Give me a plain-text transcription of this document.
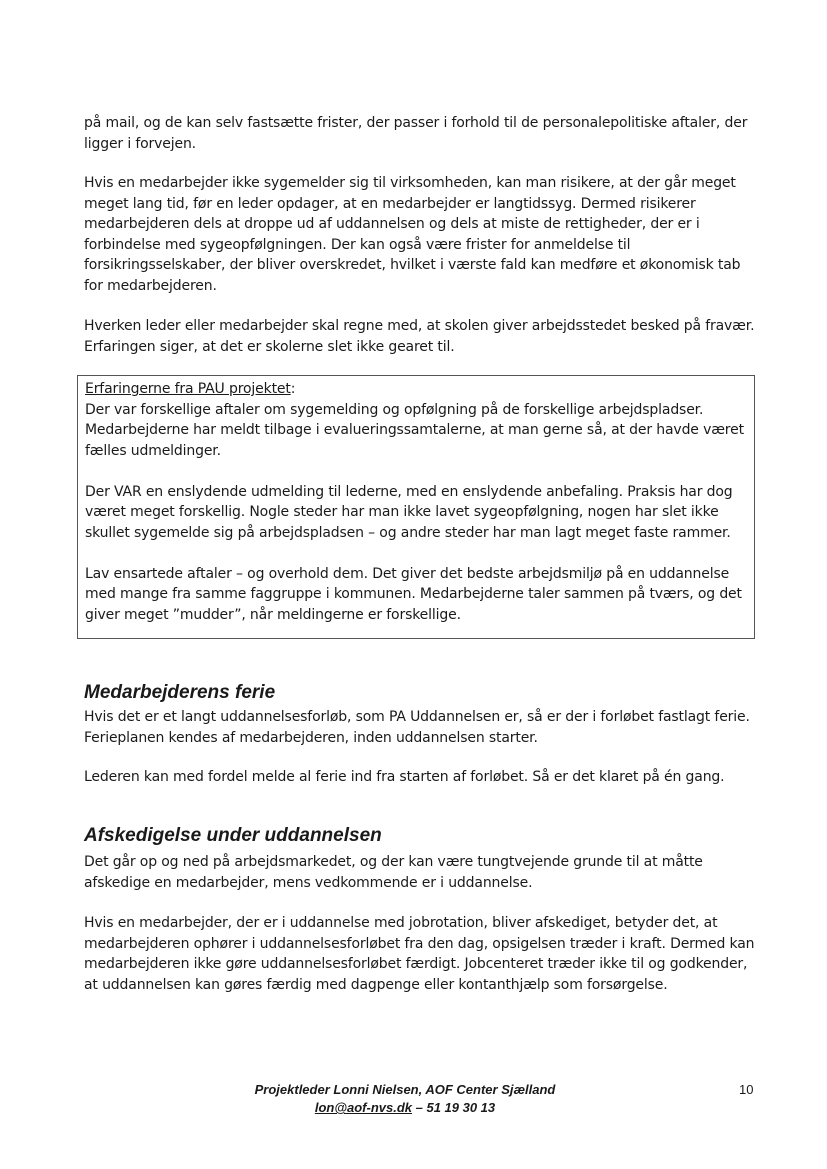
på mail, og de kan selv fastsætte frister, der passer i forhold til de personalepolitiske aftaler, der ligger i forvejen.

Hvis en medarbejder ikke sygemelder sig til virksomheden, kan man risikere, at der går meget meget lang tid, før en leder opdager, at en medarbejder er langtidssyg. Dermed risikerer medarbejderen dels at droppe ud af uddannelsen og dels at miste de rettigheder, der er i forbindelse med sygeopfølgningen. Der kan også være frister for anmeldelse til forsikringsselskaber, der bliver overskredet, hvilket i værste fald kan medføre et økonomisk tab for medarbejderen.

Hverken leder eller medarbejder skal regne med, at skolen giver arbejdsstedet besked på fravær. Erfaringen siger, at det er skolerne slet ikke gearet til.

Erfaringerne fra PAU projektet:

Der var forskellige aftaler om sygemelding og opfølgning på de forskellige arbejdspladser. Medarbejderne har meldt tilbage i evalueringssamtalerne, at man gerne så, at der havde været fælles udmeldinger.

Der VAR en enslydende udmelding til lederne, med en enslydende anbefaling. Praksis har dog været meget forskellig. Nogle steder har man ikke lavet sygeopfølgning, nogen har slet ikke skullet sygemelde sig på arbejdspladsen – og andre steder har man lagt meget faste rammer.

Lav ensartede aftaler – og overhold dem. Det giver det bedste arbejdsmiljø på en uddannelse med mange fra samme faggruppe i kommunen. Medarbejderne taler sammen på tværs, og det giver meget ”mudder”, når meldingerne er forskellige.

Medarbejderens ferie

Hvis det er et langt uddannelsesforløb, som PA Uddannelsen er, så er der i forløbet fastlagt ferie. Ferieplanen kendes af medarbejderen, inden uddannelsen starter.

Lederen kan med fordel melde al ferie ind fra starten af forløbet. Så er det klaret på én gang.

Afskedigelse under uddannelsen

Det går op og ned på arbejdsmarkedet, og der kan være tungtvejende grunde til at måtte afskedige en medarbejder, mens vedkommende er i uddannelse.

Hvis en medarbejder, der er i uddannelse med jobrotation, bliver afskediget, betyder det, at medarbejderen ophører i uddannelsesforløbet fra den dag, opsigelsen træder i kraft. Dermed kan medarbejderen ikke gøre uddannelsesforløbet færdigt. Jobcenteret træder ikke til og godkender, at uddannelsen kan gøres færdig med dagpenge eller kontanthjælp som forsørgelse.

Projektleder Lonni Nielsen, AOF Center Sjælland
lon@aof-nvs.dk – 51 19 30 13
10
